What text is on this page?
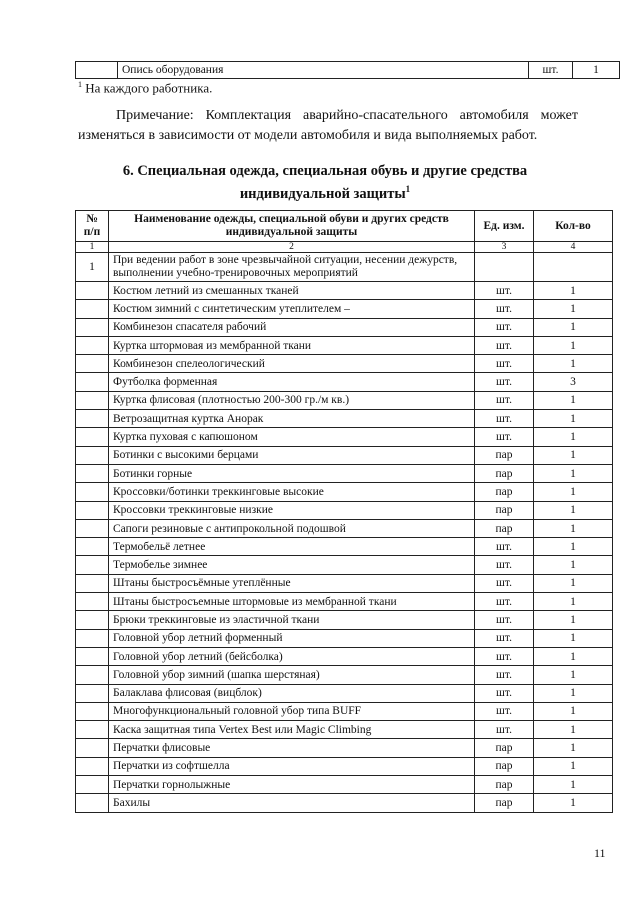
	Опись оборудования	шт.	1
$^1$ На каждого работника.
Примечание: Комплектация аварийно-спасательного автомобиля может изменяться в зависимости от модели автомобиля и вида выполняемых работ.
6. Специальная одежда, специальная обувь и другие средства индивидуальной защиты$^1$
№ п/п	Наименование одежды, специальной обуви и других средств индивидуальной защиты	Ед. изм.	Кол-во
1	2	3	4
1	При ведении работ в зоне чрезвычайной ситуации, несении дежурств, выполнении учебно-тренировочных мероприятий		
	Костюм летний из смешанных тканей	шт.	1
	Костюм зимний с синтетическим утеплителем –	шт.	1
	Комбинезон спасателя рабочий	шт.	1
	Куртка штормовая из мембранной ткани	шт.	1
	Комбинезон спелеологический	шт.	1
	Футболка форменная	шт.	3
	Куртка флисовая (плотностью 200-300 гр./м кв.)	шт.	1
	Ветрозащитная куртка Анорак	шт.	1
	Куртка пуховая с капюшоном	шт.	1
	Ботинки с высокими берцами	пар	1
	Ботинки горные	пар	1
	Кроссовки/ботинки треккинговые высокие	пар	1
	Кроссовки треккинговые низкие	пар	1
	Сапоги резиновые с антипрокольной подошвой	пар	1
	Термобельё летнее	шт.	1
	Термобелье зимнее	шт.	1
	Штаны быстросъёмные утеплённые	шт.	1
	Штаны быстросъемные штормовые из мембранной ткани	шт.	1
	Брюки треккинговые из эластичной ткани	шт.	1
	Головной убор летний форменный	шт.	1
	Головной убор летний (бейсболка)	шт.	1
	Головной убор зимний (шапка шерстяная)	шт.	1
	Балаклава флисовая (вицблок)	шт.	1
	Многофункциональный головной убор типа BUFF	шт.	1
	Каска защитная типа Vertex Best или Magic Climbing	шт.	1
	Перчатки флисовые	пар	1
	Перчатки из софтшелла	пар	1
	Перчатки горнолыжные	пар	1
	Бахилы	пар	1
11
